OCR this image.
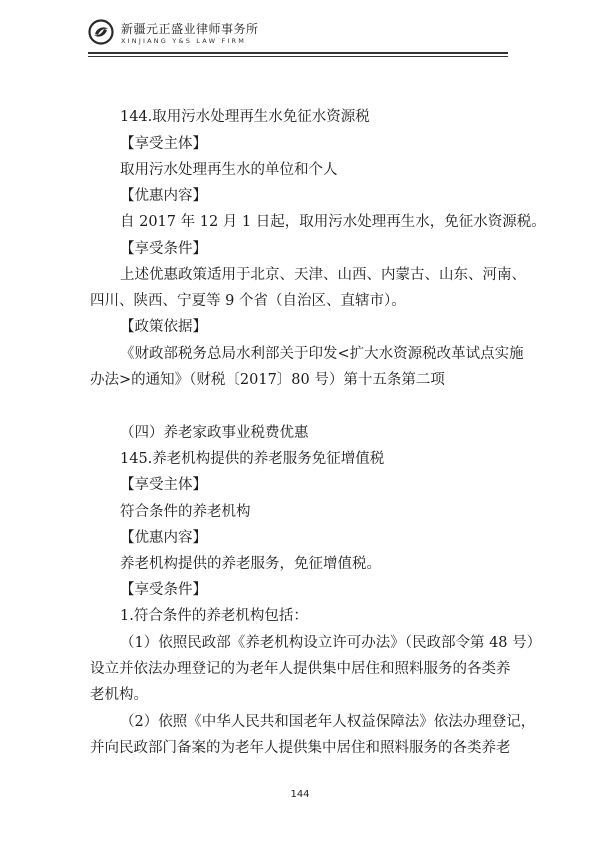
新疆元正盛业律师事务所
XINJIANG Y&S LAW FIRM
144.取用污水处理再生水免征水资源税
【享受主体】
取用污水处理再生水的单位和个人
【优惠内容】
自 2017 年 12 月 1 日起，取用污水处理再生水，免征水资源税。
【享受条件】
上述优惠政策适用于北京、天津、山西、内蒙古、山东、河南、
四川、陕西、宁夏等 9 个省（自治区、直辖市）。
【政策依据】
《财政部税务总局水利部关于印发<扩大水资源税改革试点实施
办法>的通知》（财税〔2017〕80 号）第十五条第二项
（四）养老家政事业税费优惠
145.养老机构提供的养老服务免征增值税
【享受主体】
符合条件的养老机构
【优惠内容】
养老机构提供的养老服务，免征增值税。
【享受条件】
1.符合条件的养老机构包括：
（1）依照民政部《养老机构设立许可办法》（民政部令第 48 号）
设立并依法办理登记的为老年人提供集中居住和照料服务的各类养
老机构。
（2）依照《中华人民共和国老年人权益保障法》依法办理登记，
并向民政部门备案的为老年人提供集中居住和照料服务的各类养老
144
